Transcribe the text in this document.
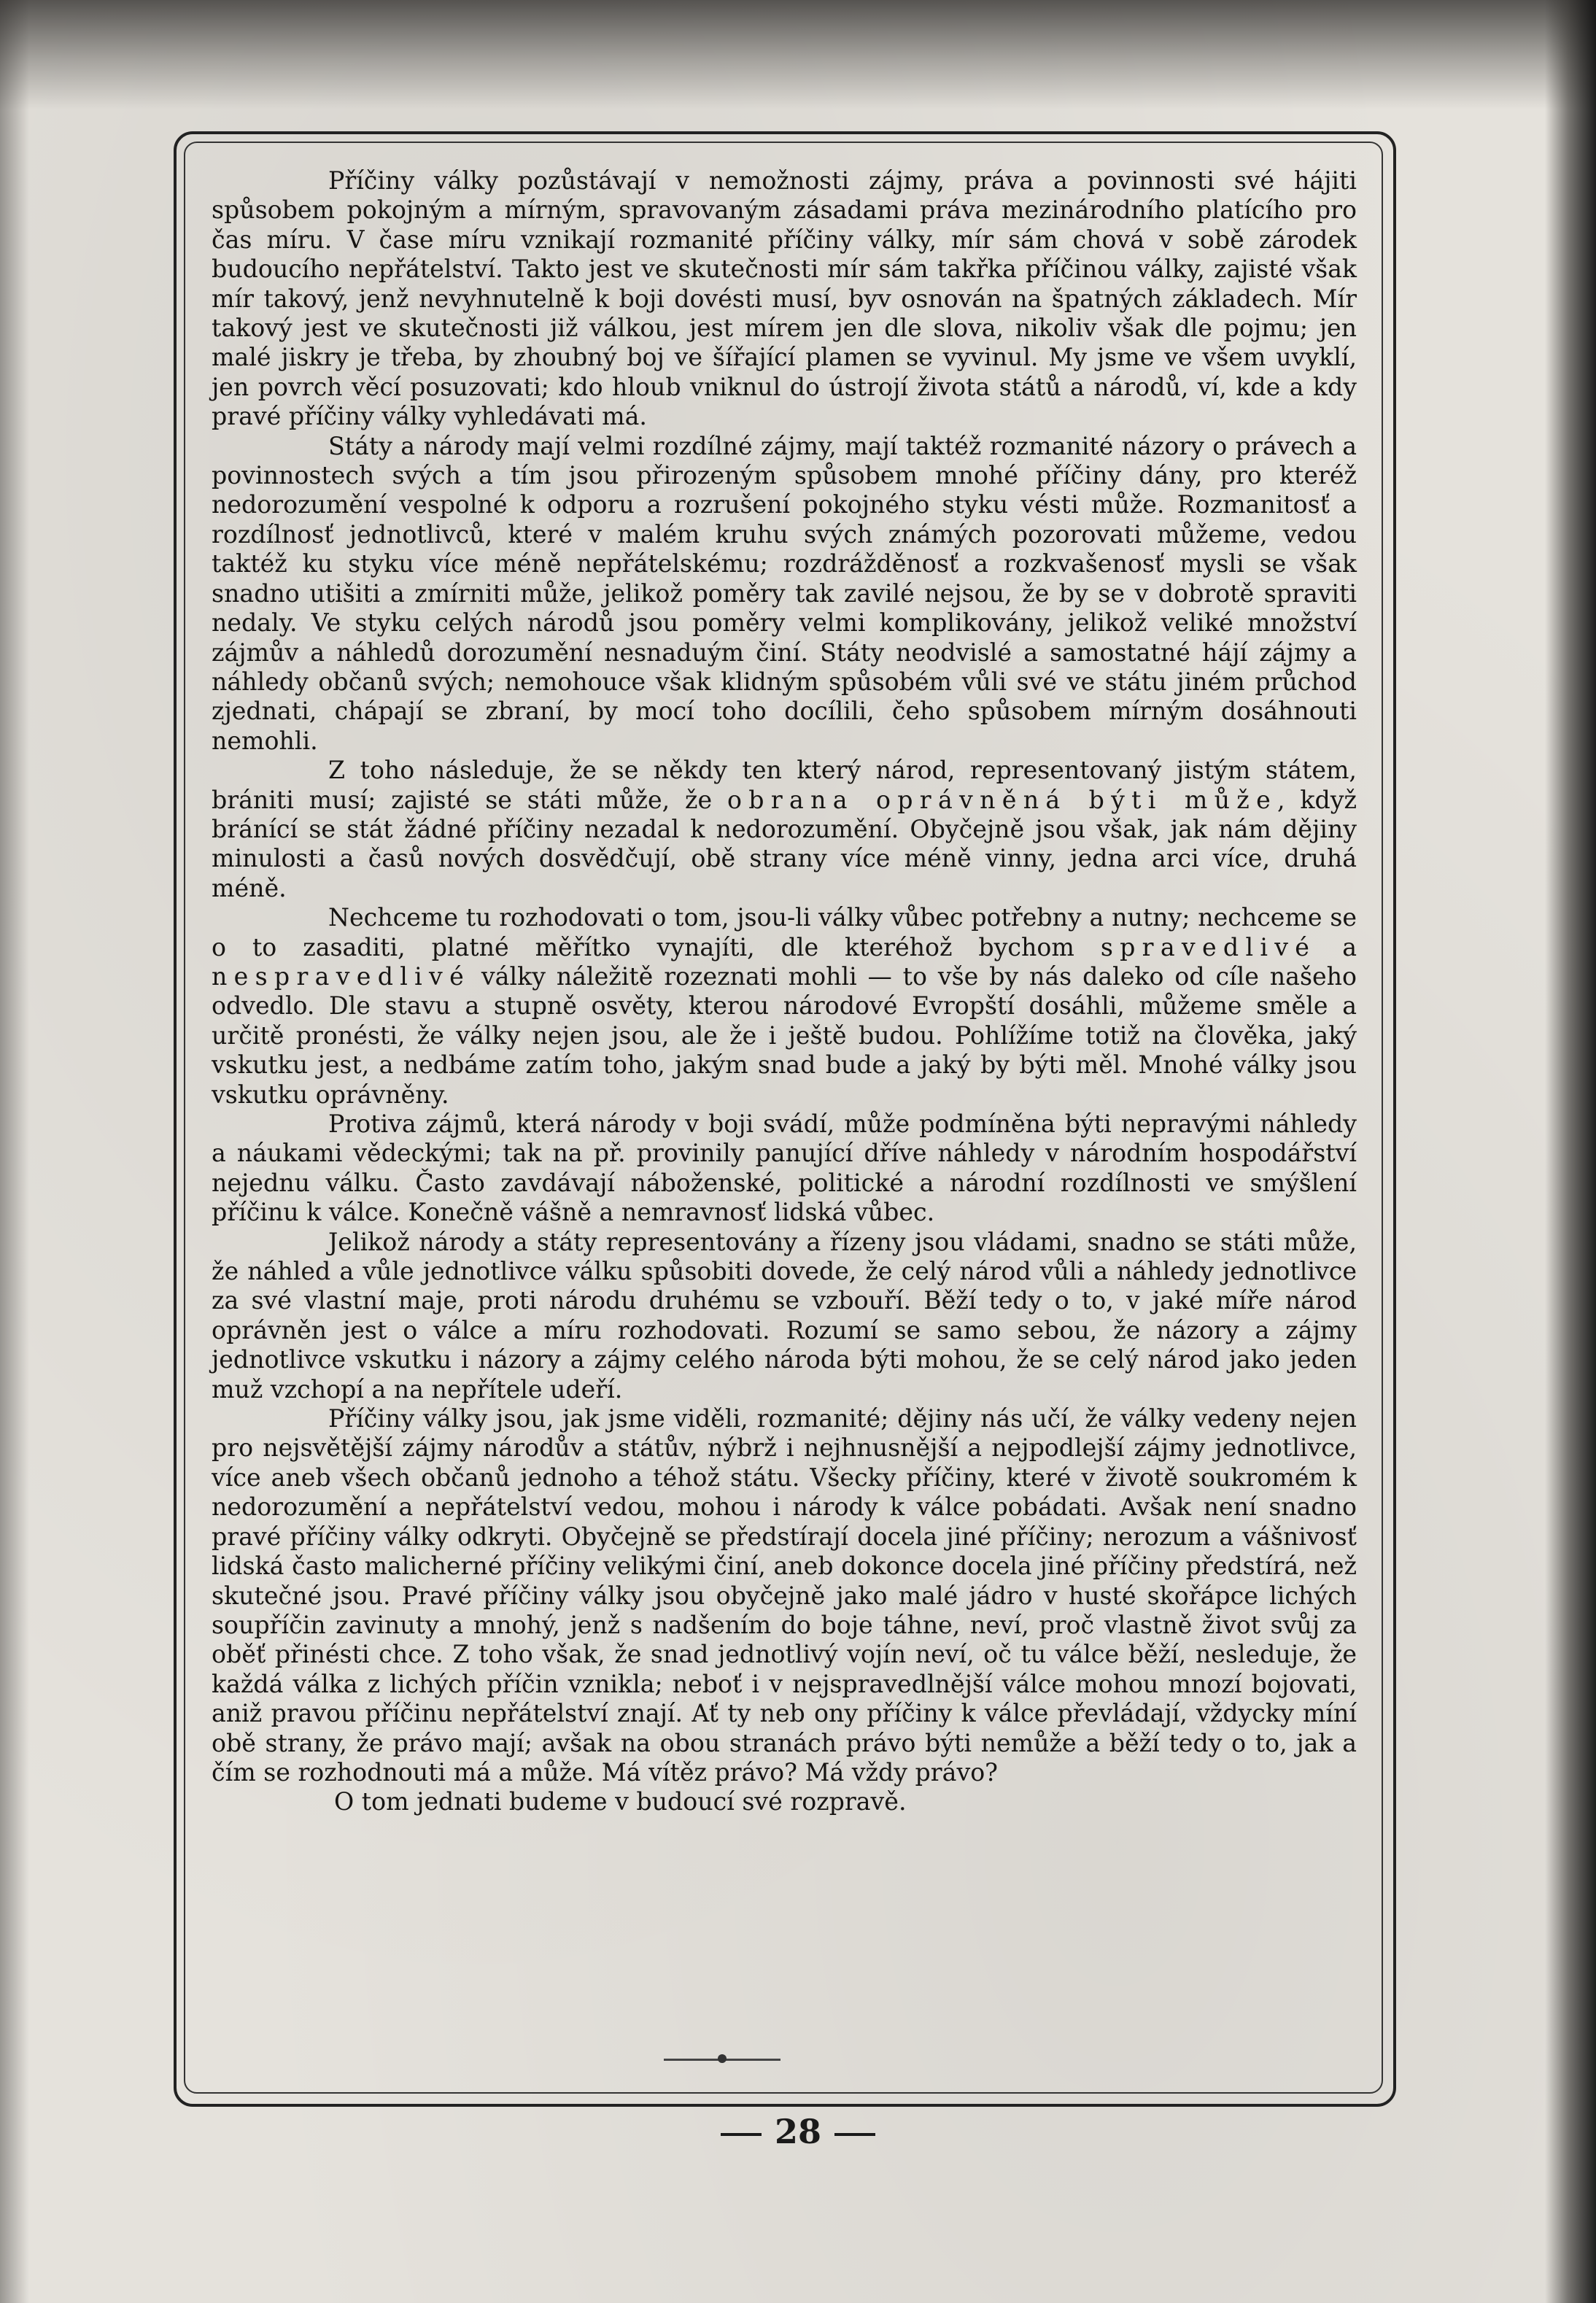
Příčiny války pozůstávají v nemožnosti zájmy, práva a povinnosti své hájiti spůsobem pokojným a mírným, spravovaným zásadami práva mezinárodního platícího pro čas míru. V čase míru vznikají rozmanité příčiny války, mír sám chová v sobě zárodek budoucího nepřátelství. Takto jest ve skutečnosti mír sám takřka příčinou války, zajisté však mír takový, jenž nevyhnutelně k boji dovésti musí, byv osnován na špatných základech. Mír takový jest ve skutečnosti již válkou, jest mírem jen dle slova, nikoliv však dle pojmu; jen malé jiskry je třeba, by zhoubný boj ve šířající plamen se vyvinul. My jsme ve všem uvyklí, jen povrch věcí posuzovati; kdo hloub vniknul do ústrojí života států a národů, ví, kde a kdy pravé příčiny války vyhledávati má.

Státy a národy mají velmi rozdílné zájmy, mají taktéž rozmanité názory o právech a povinnostech svých a tím jsou přirozeným spůsobem mnohé příčiny dány, pro kteréž nedorozumění vespolné k odporu a rozrušení pokojného styku vésti může. Rozmanitosť a rozdílnosť jednotlivců, které v malém kruhu svých známých pozorovati můžeme, vedou taktéž ku styku více méně nepřátelskému; rozdrážděnosť a rozkvašenosť mysli se však snadno utišiti a zmírniti může, jelikož poměry tak zavilé nejsou, že by se v dobrotě spraviti nedaly. Ve styku celých národů jsou poměry velmi komplikovány, jelikož veliké množství zájmův a náhledů dorozumění nesnaduým činí. Státy neodvislé a samostatné hájí zájmy a náhledy občanů svých; nemohouce však klidným spůsobém vůli své ve státu jiném průchod zjednati, chápají se zbraní, by mocí toho docílili, čeho spůsobem mírným dosáhnouti nemohli.

Z toho následuje, že se někdy ten který národ, representovaný jistým státem, brániti musí; zajisté se státi může, že obrana oprávněná býti může, když bránící se stát žádné příčiny nezadal k nedorozumění. Obyčejně jsou však, jak nám dějiny minulosti a časů nových dosvědčují, obě strany více méně vinny, jedna arci více, druhá méně.

Nechceme tu rozhodovati o tom, jsou-li války vůbec potřebny a nutny; nechceme se o to zasaditi, platné měřítko vynajíti, dle kteréhož bychom spravedlivé a nespravedlivé války náležitě rozeznati mohli — to vše by nás daleko od cíle našeho odvedlo. Dle stavu a stupně osvěty, kterou národové Evropští dosáhli, můžeme směle a určitě pronésti, že války nejen jsou, ale že i ještě budou. Pohlížíme totiž na člověka, jaký vskutku jest, a nedbáme zatím toho, jakým snad bude a jaký by býti měl. Mnohé války jsou vskutku oprávněny.

Protiva zájmů, která národy v boji svádí, může podmíněna býti nepravými náhledy a náukami vědeckými; tak na př. provinily panující dříve náhledy v národním hospodářství nejednu válku. Často zavdávají náboženské, politické a národní rozdílnosti ve smýšlení příčinu k válce. Konečně vášně a nemravnosť lidská vůbec.

Jelikož národy a státy representovány a řízeny jsou vládami, snadno se státi může, že náhled a vůle jednotlivce válku spůsobiti dovede, že celý národ vůli a náhledy jednotlivce za své vlastní maje, proti národu druhému se vzbouří. Běží tedy o to, v jaké míře národ oprávněn jest o válce a míru rozhodovati. Rozumí se samo sebou, že názory a zájmy jednotlivce vskutku i názory a zájmy celého národa býti mohou, že se celý národ jako jeden muž vzchopí a na nepřítele udeří.

Příčiny války jsou, jak jsme viděli, rozmanité; dějiny nás učí, že války vedeny nejen pro nejsvětější zájmy národův a státův, nýbrž i nejhnusnější a nejpodlejší zájmy jednotlivce, více aneb všech občanů jednoho a téhož státu. Všecky příčiny, které v životě soukromém k nedorozumění a nepřátelství vedou, mohou i národy k válce pobádati. Avšak není snadno pravé příčiny války odkryti. Obyčejně se předstírají docela jiné příčiny; nerozum a vášnivosť lidská často malicherné příčiny velikými činí, aneb dokonce docela jiné příčiny předstírá, než skutečné jsou. Pravé příčiny války jsou obyčejně jako malé jádro v husté skořápce lichých soupříčin zavinuty a mnohý, jenž s nadšením do boje táhne, neví, proč vlastně život svůj za oběť přinésti chce. Z toho však, že snad jednotlivý vojín neví, oč tu válce běží, nesleduje, že každá válka z lichých příčin vznikla; neboť i v nejspravedlnější válce mohou mnozí bojovati, aniž pravou příčinu nepřátelství znají. Ať ty neb ony příčiny k válce převládají, vždycky míní obě strany, že právo mají; avšak na obou stranách právo býti nemůže a běží tedy o to, jak a čím se rozhodnouti má a může. Má vítěz právo? Má vždy právo?

O tom jednati budeme v budoucí své rozpravě.

28
